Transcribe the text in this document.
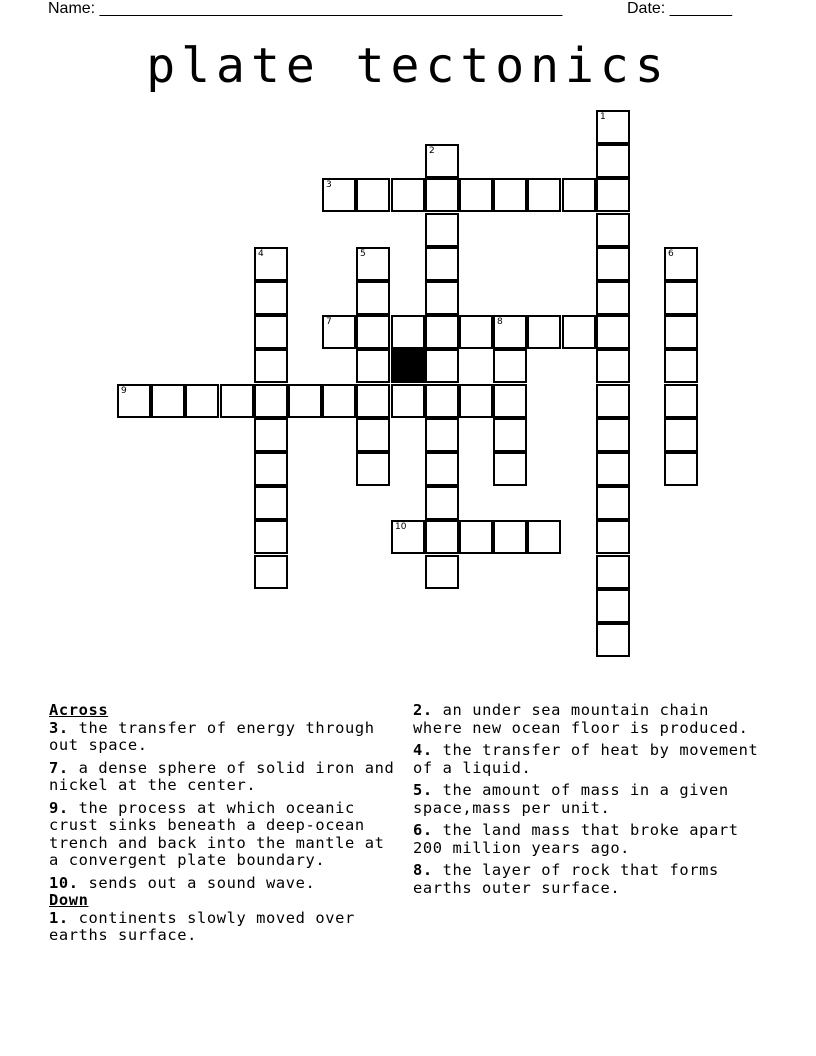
Name: ____________________________________________________	Date: _______
plate tectonics
1
2
3
4	5	6
7	8
9
10
Across
3. the transfer of energy through out space.
7. a dense sphere of solid iron and nickel at the center.
9. the process at which oceanic crust sinks beneath a deep-ocean trench and back into the mantle at a convergent plate boundary.
10. sends out a sound wave.
Down
1. continents slowly moved over earths surface.
2. an under sea mountain chain where new ocean floor is produced.
4. the transfer of heat by movement of a liquid.
5. the amount of mass in a given space,mass per unit.
6. the land mass that broke apart 200 million years ago.
8. the layer of rock that forms earths outer surface.
